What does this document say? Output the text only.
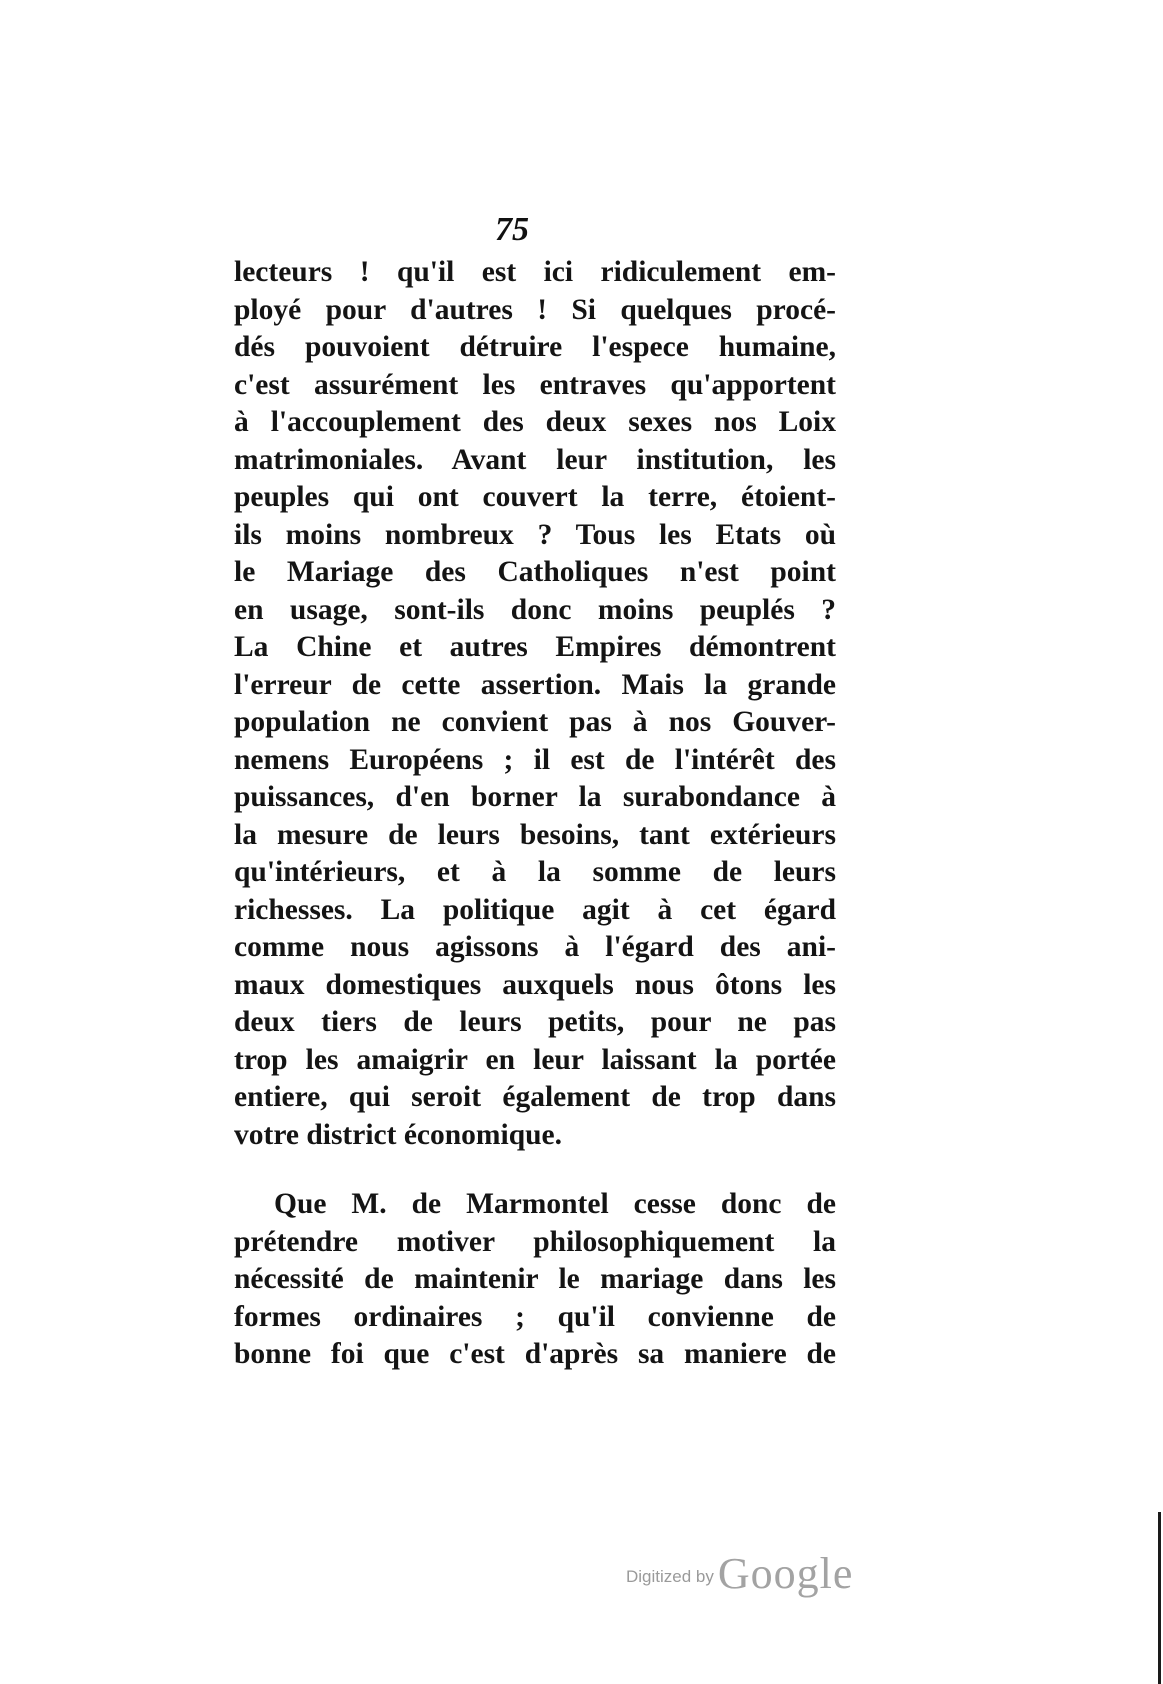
75
lecteurs ! qu'il est ici ridiculement em-
ployé pour d'autres ! Si quelques procé-
dés pouvoient détruire l'espece humaine,
c'est assurément les entraves qu'apportent
à l'accouplement des deux sexes nos Loix
matrimoniales. Avant leur institution, les
peuples qui ont couvert la terre, étoient-
ils moins nombreux ? Tous les Etats où
le Mariage des Catholiques n'est point
en usage, sont-ils donc moins peuplés ?
La Chine et autres Empires démontrent
l'erreur de cette assertion. Mais la grande
population ne convient pas à nos Gouver-
nemens Européens ; il est de l'intérêt des
puissances, d'en borner la surabondance à
la mesure de leurs besoins, tant extérieurs
qu'intérieurs, et à la somme de leurs
richesses. La politique agit à cet égard
comme nous agissons à l'égard des ani-
maux domestiques auxquels nous ôtons les
deux tiers de leurs petits, pour ne pas
trop les amaigrir en leur laissant la portée
entiere, qui seroit également de trop dans
votre district économique.
Que M. de Marmontel cesse donc de
prétendre motiver philosophiquement la
nécessité de maintenir le mariage dans les
formes ordinaires ; qu'il convienne de
bonne foi que c'est d'après sa maniere de
Digitized by Google
